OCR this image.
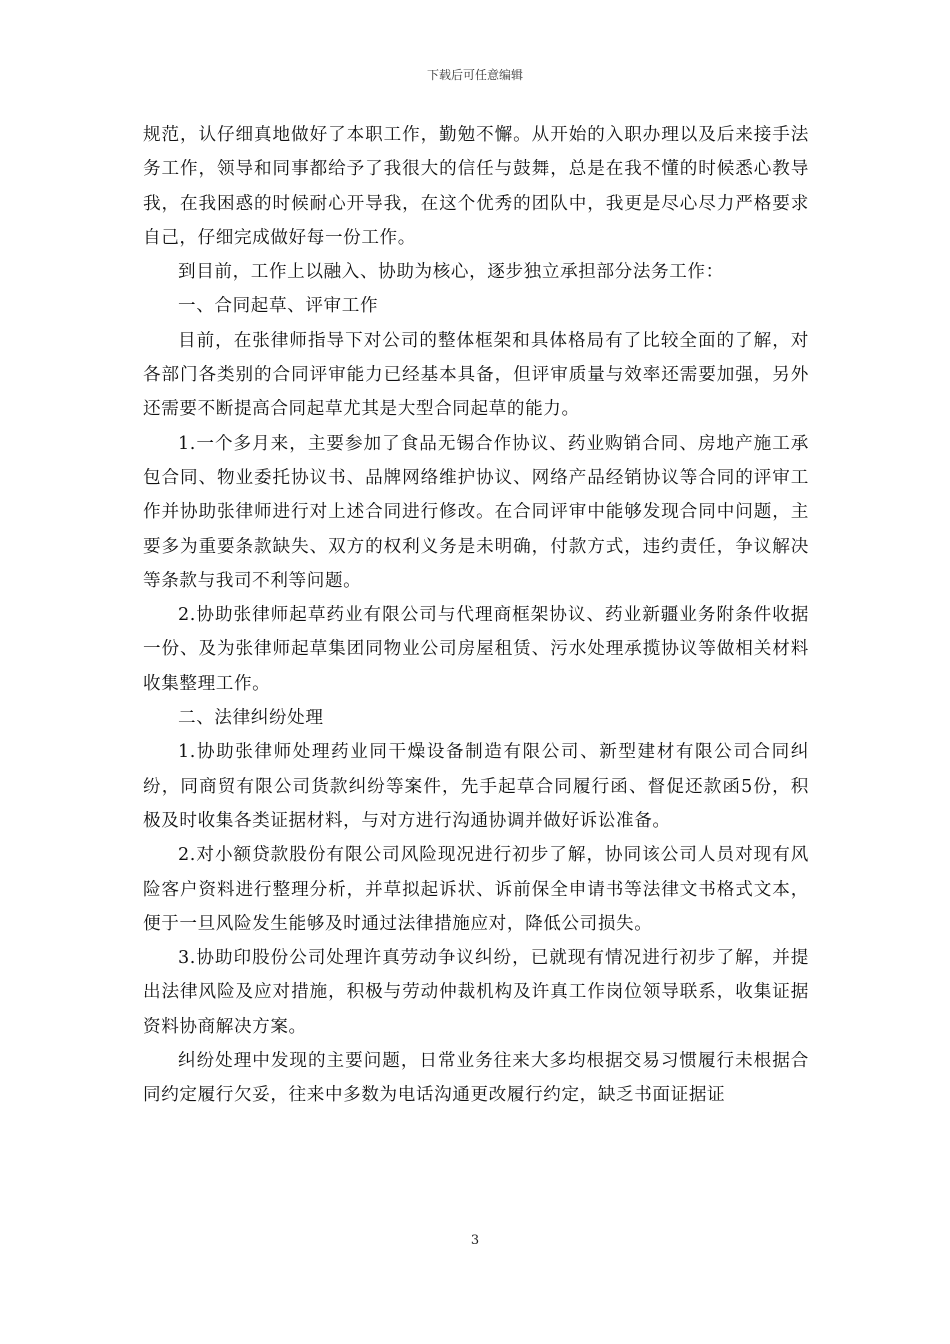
下载后可任意编辑

规范，认仔细真地做好了本职工作，勤勉不懈。从开始的入职办理以及后来接手法务工作，领导和同事都给予了我很大的信任与鼓舞，总是在我不懂的时候悉心教导我，在我困惑的时候耐心开导我，在这个优秀的团队中，我更是尽心尽力严格要求自己，仔细完成做好每一份工作。

到目前，工作上以融入、协助为核心，逐步独立承担部分法务工作：

一、合同起草、评审工作

目前，在张律师指导下对公司的整体框架和具体格局有了比较全面的了解，对各部门各类别的合同评审能力已经基本具备，但评审质量与效率还需要加强，另外还需要不断提高合同起草尤其是大型合同起草的能力。

1.一个多月来，主要参加了食品无锡合作协议、药业购销合同、房地产施工承包合同、物业委托协议书、品牌网络维护协议、网络产品经销协议等合同的评审工作并协助张律师进行对上述合同进行修改。在合同评审中能够发现合同中问题，主要多为重要条款缺失、双方的权利义务是未明确，付款方式，违约责任，争议解决等条款与我司不利等问题。

2.协助张律师起草药业有限公司与代理商框架协议、药业新疆业务附条件收据一份、及为张律师起草集团同物业公司房屋租赁、污水处理承揽协议等做相关材料收集整理工作。

二、法律纠纷处理

1.协助张律师处理药业同干燥设备制造有限公司、新型建材有限公司合同纠纷，同商贸有限公司货款纠纷等案件，先手起草合同履行函、督促还款函5份，积极及时收集各类证据材料，与对方进行沟通协调并做好诉讼准备。

2.对小额贷款股份有限公司风险现况进行初步了解，协同该公司人员对现有风险客户资料进行整理分析，并草拟起诉状、诉前保全申请书等法律文书格式文本，便于一旦风险发生能够及时通过法律措施应对，降低公司损失。

3.协助印股份公司处理许真劳动争议纠纷，已就现有情况进行初步了解，并提出法律风险及应对措施，积极与劳动仲裁机构及许真工作岗位领导联系，收集证据资料协商解决方案。

纠纷处理中发现的主要问题，日常业务往来大多均根据交易习惯履行未根据合同约定履行欠妥，往来中多数为电话沟通更改履行约定，缺乏书面证据证

3
